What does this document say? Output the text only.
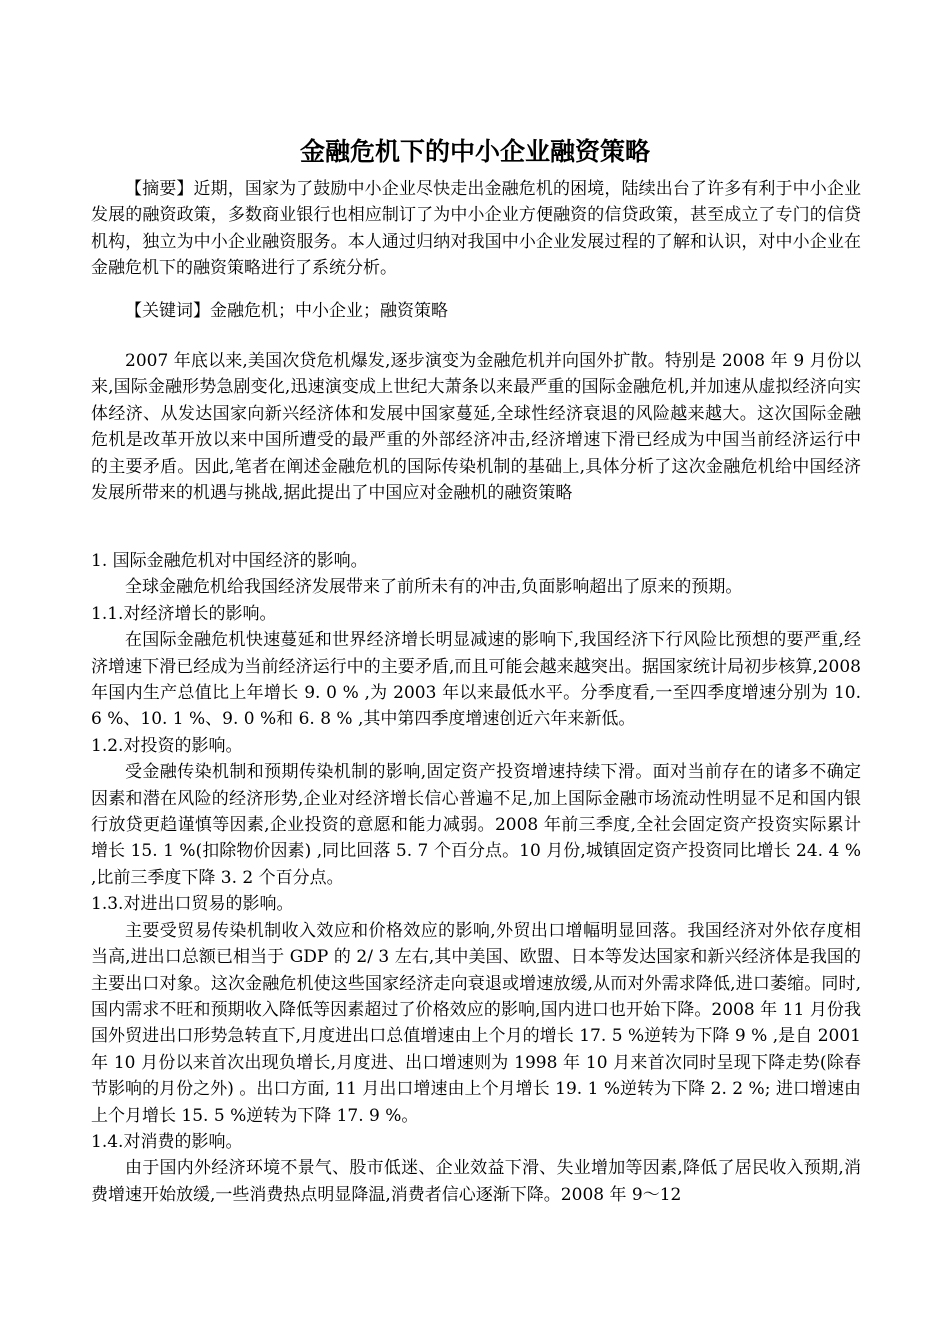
金融危机下的中小企业融资策略

【摘要】近期，国家为了鼓励中小企业尽快走出金融危机的困境，陆续出台了许多有利于中小企业发展的融资政策，多数商业银行也相应制订了为中小企业方便融资的信贷政策，甚至成立了专门的信贷机构，独立为中小企业融资服务。本人通过归纳对我国中小企业发展过程的了解和认识，对中小企业在金融危机下的融资策略进行了系统分析。

【关键词】金融危机；中小企业；融资策略

2007 年底以来,美国次贷危机爆发,逐步演变为金融危机并向国外扩散。特别是 2008 年 9 月份以来,国际金融形势急剧变化,迅速演变成上世纪大萧条以来最严重的国际金融危机,并加速从虚拟经济向实体经济、从发达国家向新兴经济体和发展中国家蔓延,全球性经济衰退的风险越来越大。这次国际金融危机是改革开放以来中国所遭受的最严重的外部经济冲击,经济增速下滑已经成为中国当前经济运行中的主要矛盾。因此,笔者在阐述金融危机的国际传染机制的基础上,具体分析了这次金融危机给中国经济发展所带来的机遇与挑战,据此提出了中国应对金融机的融资策略

1. 国际金融危机对中国经济的影响。

全球金融危机给我国经济发展带来了前所未有的冲击,负面影响超出了原来的预期。

1.1.对经济增长的影响。

在国际金融危机快速蔓延和世界经济增长明显减速的影响下,我国经济下行风险比预想的要严重,经济增速下滑已经成为当前经济运行中的主要矛盾,而且可能会越来越突出。据国家统计局初步核算,2008 年国内生产总值比上年增长 9. 0 % ,为 2003 年以来最低水平。分季度看,一至四季度增速分别为 10. 6 %、10. 1 %、9. 0 %和 6. 8 % ,其中第四季度增速创近六年来新低。

1.2.对投资的影响。

受金融传染机制和预期传染机制的影响,固定资产投资增速持续下滑。面对当前存在的诸多不确定因素和潜在风险的经济形势,企业对经济增长信心普遍不足,加上国际金融市场流动性明显不足和国内银行放贷更趋谨慎等因素,企业投资的意愿和能力减弱。2008 年前三季度,全社会固定资产投资实际累计增长 15. 1 %(扣除物价因素) ,同比回落 5. 7 个百分点。10 月份,城镇固定资产投资同比增长 24. 4 % ,比前三季度下降 3. 2 个百分点。

1.3.对进出口贸易的影响。

主要受贸易传染机制收入效应和价格效应的影响,外贸出口增幅明显回落。我国经济对外依存度相当高,进出口总额已相当于 GDP 的 2/ 3 左右,其中美国、欧盟、日本等发达国家和新兴经济体是我国的主要出口对象。这次金融危机使这些国家经济走向衰退或增速放缓,从而对外需求降低,进口萎缩。同时,国内需求不旺和预期收入降低等因素超过了价格效应的影响,国内进口也开始下降。2008 年 11 月份我国外贸进出口形势急转直下,月度进出口总值增速由上个月的增长 17. 5 %逆转为下降 9 % ,是自 2001 年 10 月份以来首次出现负增长,月度进、出口增速则为 1998 年 10 月来首次同时呈现下降走势(除春节影响的月份之外) 。出口方面, 11 月出口增速由上个月增长 19. 1 %逆转为下降 2. 2 %; 进口增速由上个月增长 15. 5 %逆转为下降 17. 9 %。

1.4.对消费的影响。

由于国内外经济环境不景气、股市低迷、企业效益下滑、失业增加等因素,降低了居民收入预期,消费增速开始放缓,一些消费热点明显降温,消费者信心逐渐下降。2008 年 9～12
